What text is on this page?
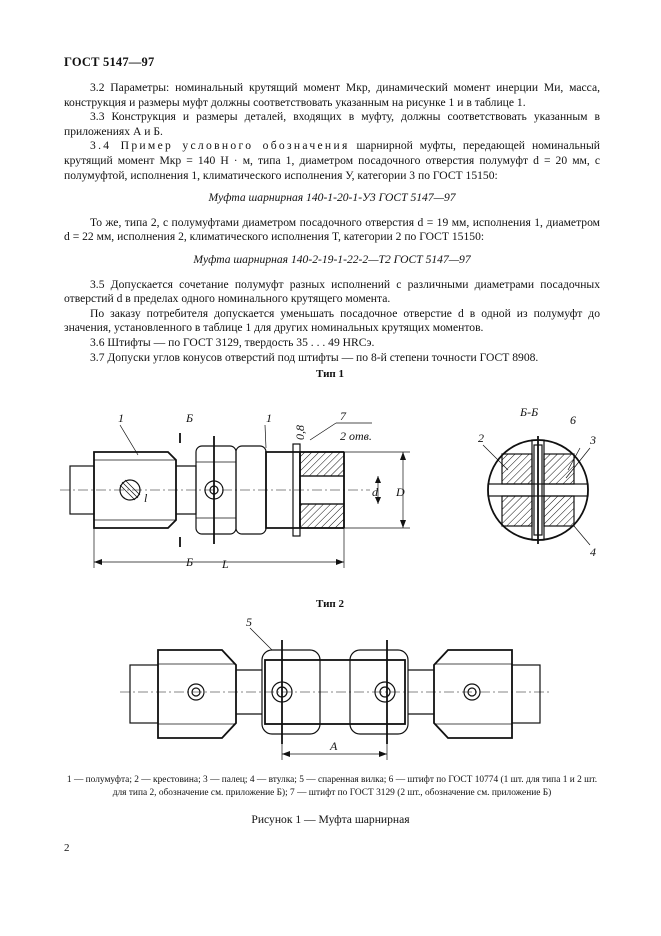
ГОСТ 5147—97

3.2 Параметры: номинальный крутящий момент Mкр, динамический момент инерции Mи, масса, конструкция и размеры муфт должны соответствовать указанным на рисунке 1 и в таблице 1.

3.3 Конструкция и размеры деталей, входящих в муфту, должны соответствовать указанным в приложениях А и Б.

3.4 Пример условного обозначения шарнирной муфты, передающей номинальный крутящий момент Mкр = 140 Н · м, типа 1, диаметром посадочного отверстия полумуфт d = 20 мм, с полумуфтой, исполнения 1, климатического исполнения У, категории 3 по ГОСТ 15150:

Муфта шарнирная 140-1-20-1-У3 ГОСТ 5147—97

То же, типа 2, с полумуфтами диаметром посадочного отверстия d = 19 мм, исполнения 1, диаметром d = 22 мм, исполнения 2, климатического исполнения Т, категории 2 по ГОСТ 15150:

Муфта шарнирная 140-2-19-1-22-2—Т2 ГОСТ 5147—97

3.5 Допускается сочетание полумуфт разных исполнений с различными диаметрами посадочных отверстий d в пределах одного номинального крутящего момента.

По заказу потребителя допускается уменьшать посадочное отверстие d в одной из полумуфт до значения, установленного в таблице 1 для других номинальных крутящих моментов.

3.6 Штифты — по ГОСТ 3129, твердость 35 . . . 49 HRCэ.

3.7 Допуски углов конусов отверстий под штифты — по 8-й степени точности ГОСТ 8908.

Тип 1
Тип 2
1	Б	1	7
2 отв.
0,8
Б L
l	d D
Б-Б
6
2	3
4
5
A
1 — полумуфта; 2 — крестовина; 3 — палец; 4 — втулка; 5 — спаренная вилка; 6 — штифт по ГОСТ 10774 (1 шт. для типа 1 и 2 шт. для типа 2, обозначение см. приложение Б); 7 — штифт по ГОСТ 3129 (2 шт., обозначение см. приложение Б)
Рисунок 1 — Муфта шарнирная
2
